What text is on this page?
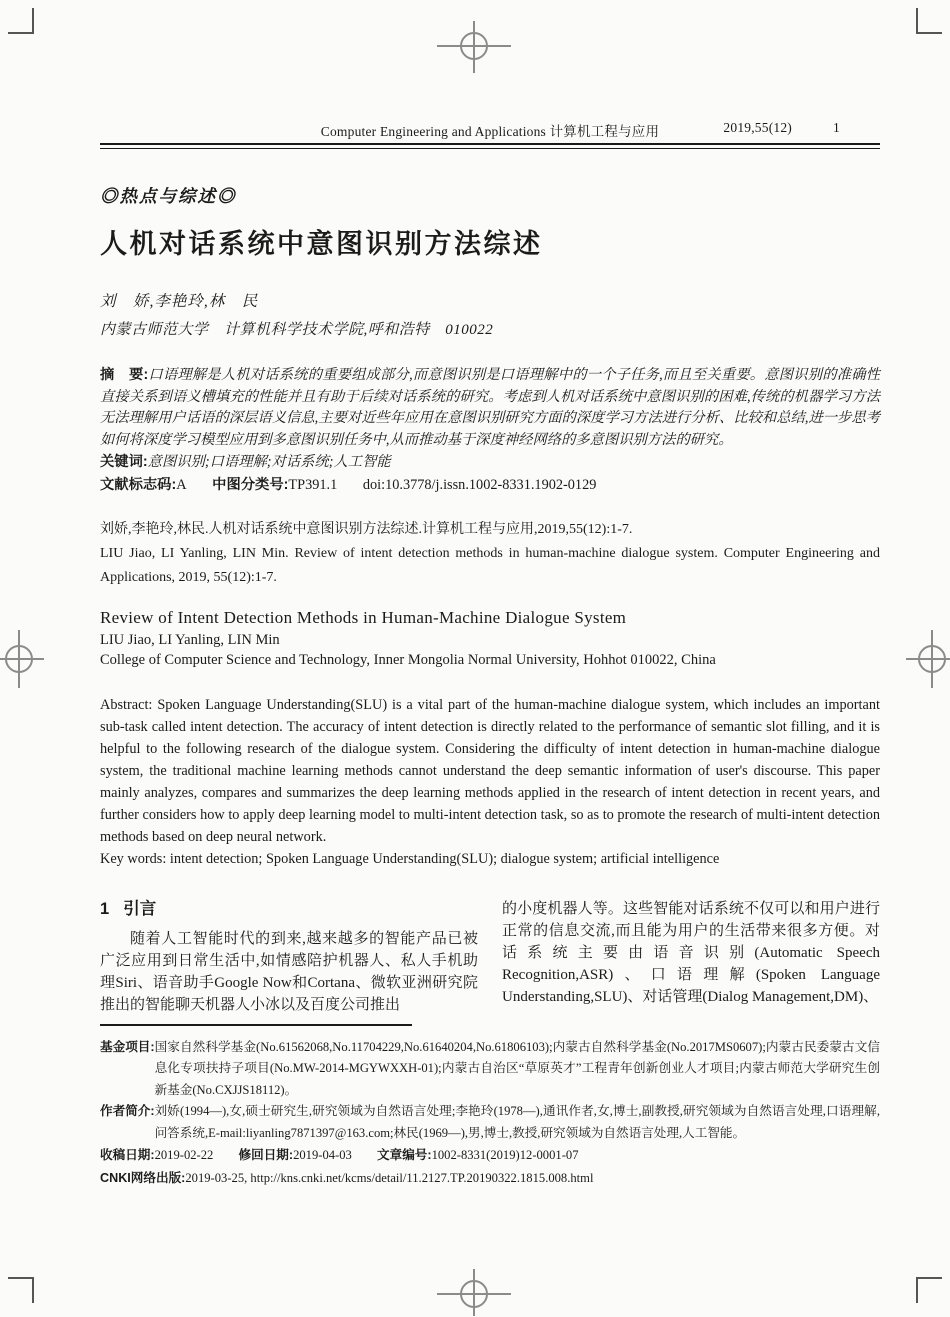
Computer Engineering and Applications 计算机工程与应用	2019,55(12)	1
◎热点与综述◎
人机对话系统中意图识别方法综述
刘　娇,李艳玲,林　民
内蒙古师范大学　计算机科学技术学院,呼和浩特　010022

摘　要:口语理解是人机对话系统的重要组成部分,而意图识别是口语理解中的一个子任务,而且至关重要。意图识别的准确性直接关系到语义槽填充的性能并且有助于后续对话系统的研究。考虑到人机对话系统中意图识别的困难,传统的机器学习方法无法理解用户话语的深层语义信息,主要对近些年应用在意图识别研究方面的深度学习方法进行分析、比较和总结,进一步思考如何将深度学习模型应用到多意图识别任务中,从而推动基于深度神经网络的多意图识别方法的研究。

关键词:意图识别;口语理解;对话系统;人工智能

文献标志码:A 中图分类号:TP391.1 doi:10.3778/j.issn.1002-8331.1902-0129

刘娇,李艳玲,林民.人机对话系统中意图识别方法综述.计算机工程与应用,2019,55(12):1-7.

LIU Jiao, LI Yanling, LIN Min. Review of intent detection methods in human-machine dialogue system. Computer Engineering and Applications, 2019, 55(12):1-7.

Review of Intent Detection Methods in Human-Machine Dialogue System
LIU Jiao, LI Yanling, LIN Min
College of Computer Science and Technology, Inner Mongolia Normal University, Hohhot 010022, China

Abstract: Spoken Language Understanding(SLU) is a vital part of the human-machine dialogue system, which includes an important sub-task called intent detection. The accuracy of intent detection is directly related to the performance of semantic slot filling, and it is helpful to the following research of the dialogue system. Considering the difficulty of intent detection in human-machine dialogue system, the traditional machine learning methods cannot understand the deep semantic information of user's discourse. This paper mainly analyzes, compares and summarizes the deep learning methods applied in the research of intent detection in recent years, and further considers how to apply deep learning model to multi-intent detection task, so as to promote the research of multi-intent detection methods based on deep neural network.

Key words: intent detection; Spoken Language Understanding(SLU); dialogue system; artificial intelligence

1 引言

随着人工智能时代的到来,越来越多的智能产品已被广泛应用到日常生活中,如情感陪护机器人、私人手机助理Siri、语音助手Google Now和Cortana、微软亚洲研究院推出的智能聊天机器人小冰以及百度公司推出

的小度机器人等。这些智能对话系统不仅可以和用户进行正常的信息交流,而且能为用户的生活带来很多方便。对话系统主要由语音识别(Automatic Speech Recognition,ASR)、口语理解(Spoken Language Understanding,SLU)、对话管理(Dialog Management,DM)、

基金项目: 国家自然科学基金(No.61562068,No.11704229,No.61640204,No.61806103);内蒙古自然科学基金(No.2017MS0607);内蒙古民委蒙古文信息化专项扶持子项目(No.MW-2014-MGYWXXH-01);内蒙古自治区“草原英才”工程青年创新创业人才项目;内蒙古师范大学研究生创新基金(No.CXJJS18112)。
作者简介: 刘娇(1994—),女,硕士研究生,研究领域为自然语言处理;李艳玲(1978—),通讯作者,女,博士,副教授,研究领域为自然语言处理,口语理解,问答系统,E-mail:liyanling7871397@163.com;林民(1969—),男,博士,教授,研究领域为自然语言处理,人工智能。
收稿日期:2019-02-22 修回日期:2019-04-03 文章编号:1002-8331(2019)12-0001-07
CNKI网络出版:2019-03-25, http://kns.cnki.net/kcms/detail/11.2127.TP.20190322.1815.008.html
